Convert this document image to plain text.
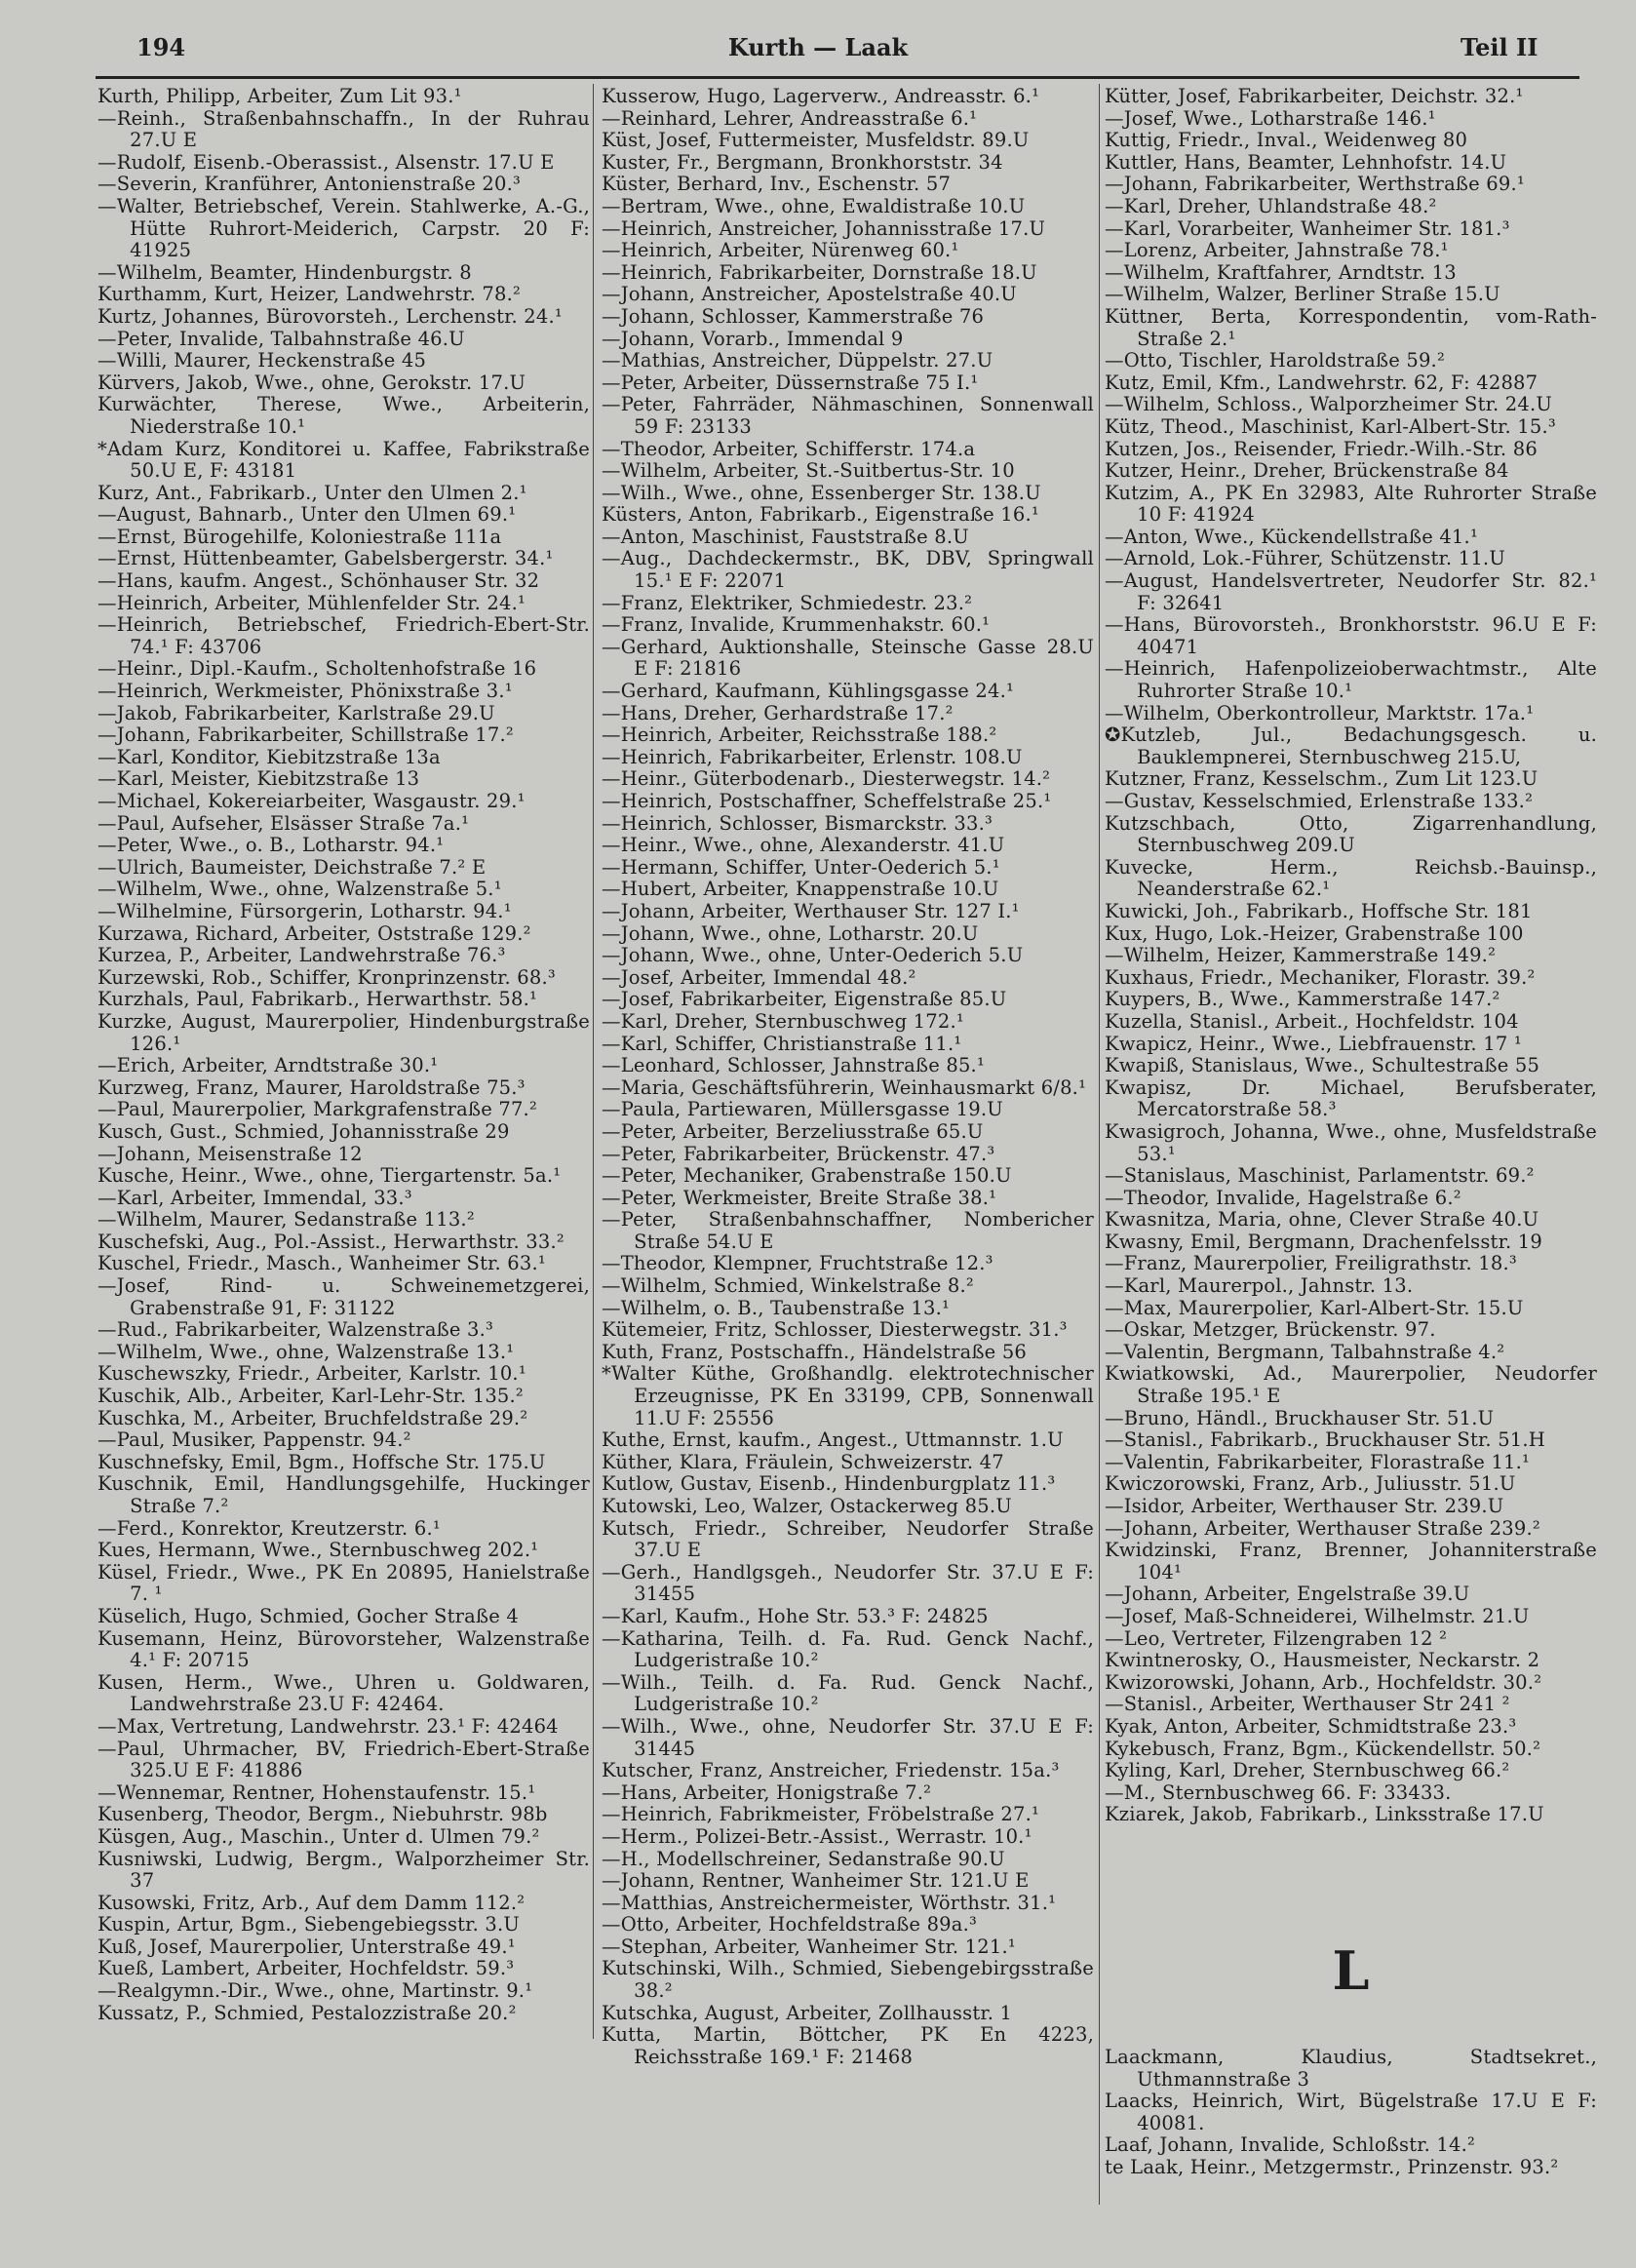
194	Kurth — Laak	Teil II
Kurth, Philipp, Arbeiter, Zum Lit 93.¹
—Reinh., Straßenbahnschaffn., In der Ruhrau 27.U E
—Rudolf, Eisenb.-Oberassist., Alsenstr. 17.U E
—Severin, Kranführer, Antonienstraße 20.³
—Walter, Betriebschef, Verein. Stahlwerke, A.-G., Hütte Ruhrort-Meiderich, Carpstr. 20 F: 41925
—Wilhelm, Beamter, Hindenburgstr. 8
Kurthamm, Kurt, Heizer, Landwehrstr. 78.²
Kurtz, Johannes, Bürovorsteh., Lerchenstr. 24.¹
—Peter, Invalide, Talbahnstraße 46.U
—Willi, Maurer, Heckenstraße 45
Kürvers, Jakob, Wwe., ohne, Gerokstr. 17.U
Kurwächter, Therese, Wwe., Arbeiterin, Niederstraße 10.¹
*Adam Kurz, Konditorei u. Kaffee, Fabrikstraße 50.U E, F: 43181
Kurz, Ant., Fabrikarb., Unter den Ulmen 2.¹
—August, Bahnarb., Unter den Ulmen 69.¹
—Ernst, Bürogehilfe, Koloniestraße 111a
—Ernst, Hüttenbeamter, Gabelsbergerstr. 34.¹
—Hans, kaufm. Angest., Schönhauser Str. 32
—Heinrich, Arbeiter, Mühlenfelder Str. 24.¹
—Heinrich, Betriebschef, Friedrich-Ebert-Str. 74.¹ F: 43706
—Heinr., Dipl.-Kaufm., Scholtenhofstraße 16
—Heinrich, Werkmeister, Phönixstraße 3.¹
—Jakob, Fabrikarbeiter, Karlstraße 29.U
—Johann, Fabrikarbeiter, Schillstraße 17.²
—Karl, Konditor, Kiebitzstraße 13a
—Karl, Meister, Kiebitzstraße 13
—Michael, Kokereiarbeiter, Wasgaustr. 29.¹
—Paul, Aufseher, Elsässer Straße 7a.¹
—Peter, Wwe., o. B., Lotharstr. 94.¹
—Ulrich, Baumeister, Deichstraße 7.² E
—Wilhelm, Wwe., ohne, Walzenstraße 5.¹
—Wilhelmine, Fürsorgerin, Lotharstr. 94.¹
Kurzawa, Richard, Arbeiter, Oststraße 129.²
Kurzea, P., Arbeiter, Landwehrstraße 76.³
Kurzewski, Rob., Schiffer, Kronprinzenstr. 68.³
Kurzhals, Paul, Fabrikarb., Herwarthstr. 58.¹
Kurzke, August, Maurerpolier, Hindenburgstraße 126.¹
—Erich, Arbeiter, Arndtstraße 30.¹
Kurzweg, Franz, Maurer, Haroldstraße 75.³
—Paul, Maurerpolier, Markgrafenstraße 77.²
Kusch, Gust., Schmied, Johannisstraße 29
—Johann, Meisenstraße 12
Kusche, Heinr., Wwe., ohne, Tiergartenstr. 5a.¹
—Karl, Arbeiter, Immendal, 33.³
—Wilhelm, Maurer, Sedanstraße 113.²
Kuschefski, Aug., Pol.-Assist., Herwarthstr. 33.²
Kuschel, Friedr., Masch., Wanheimer Str. 63.¹
—Josef, Rind- u. Schweinemetzgerei, Grabenstraße 91, F: 31122
—Rud., Fabrikarbeiter, Walzenstraße 3.³
—Wilhelm, Wwe., ohne, Walzenstraße 13.¹
Kuschewszky, Friedr., Arbeiter, Karlstr. 10.¹
Kuschik, Alb., Arbeiter, Karl-Lehr-Str. 135.²
Kuschka, M., Arbeiter, Bruchfeldstraße 29.²
—Paul, Musiker, Pappenstr. 94.²
Kuschnefsky, Emil, Bgm., Hoffsche Str. 175.U
Kuschnik, Emil, Handlungsgehilfe, Huckinger Straße 7.²
—Ferd., Konrektor, Kreutzerstr. 6.¹
Kues, Hermann, Wwe., Sternbuschweg 202.¹
Küsel, Friedr., Wwe., PK En 20895, Hanielstraße 7. ¹
Küselich, Hugo, Schmied, Gocher Straße 4
Kusemann, Heinz, Bürovorsteher, Walzenstraße 4.¹ F: 20715
Kusen, Herm., Wwe., Uhren u. Goldwaren, Landwehrstraße 23.U F: 42464.
—Max, Vertretung, Landwehrstr. 23.¹ F: 42464
—Paul, Uhrmacher, BV, Friedrich-Ebert-Straße 325.U E F: 41886
—Wennemar, Rentner, Hohenstaufenstr. 15.¹
Kusenberg, Theodor, Bergm., Niebuhrstr. 98b
Küsgen, Aug., Maschin., Unter d. Ulmen 79.²
Kusniwski, Ludwig, Bergm., Walporzheimer Str. 37
Kusowski, Fritz, Arb., Auf dem Damm 112.²
Kuspin, Artur, Bgm., Siebengebiegsstr. 3.U
Kuß, Josef, Maurerpolier, Unterstraße 49.¹
Kueß, Lambert, Arbeiter, Hochfeldstr. 59.³
—Realgymn.-Dir., Wwe., ohne, Martinstr. 9.¹
Kussatz, P., Schmied, Pestalozzistraße 20.²
Kusserow, Hugo, Lagerverw., Andreasstr. 6.¹
—Reinhard, Lehrer, Andreasstraße 6.¹
Küst, Josef, Futtermeister, Musfeldstr. 89.U
Kuster, Fr., Bergmann, Bronkhorststr. 34
Küster, Berhard, Inv., Eschenstr. 57
—Bertram, Wwe., ohne, Ewaldistraße 10.U
—Heinrich, Anstreicher, Johannisstraße 17.U
—Heinrich, Arbeiter, Nürenweg 60.¹
—Heinrich, Fabrikarbeiter, Dornstraße 18.U
—Johann, Anstreicher, Apostelstraße 40.U
—Johann, Schlosser, Kammerstraße 76
—Johann, Vorarb., Immendal 9
—Mathias, Anstreicher, Düppelstr. 27.U
—Peter, Arbeiter, Düssernstraße 75 I.¹
—Peter, Fahrräder, Nähmaschinen, Sonnenwall 59 F: 23133
—Theodor, Arbeiter, Schifferstr. 174.a
—Wilhelm, Arbeiter, St.-Suitbertus-Str. 10
—Wilh., Wwe., ohne, Essenberger Str. 138.U
Küsters, Anton, Fabrikarb., Eigenstraße 16.¹
—Anton, Maschinist, Fauststraße 8.U
—Aug., Dachdeckermstr., BK, DBV, Springwall 15.¹ E F: 22071
—Franz, Elektriker, Schmiedestr. 23.²
—Franz, Invalide, Krummenhakstr. 60.¹
—Gerhard, Auktionshalle, Steinsche Gasse 28.U E F: 21816
—Gerhard, Kaufmann, Kühlingsgasse 24.¹
—Hans, Dreher, Gerhardstraße 17.²
—Heinrich, Arbeiter, Reichsstraße 188.²
—Heinrich, Fabrikarbeiter, Erlenstr. 108.U
—Heinr., Güterbodenarb., Diesterwegstr. 14.²
—Heinrich, Postschaffner, Scheffelstraße 25.¹
—Heinrich, Schlosser, Bismarckstr. 33.³
—Heinr., Wwe., ohne, Alexanderstr. 41.U
—Hermann, Schiffer, Unter-Oederich 5.¹
—Hubert, Arbeiter, Knappenstraße 10.U
—Johann, Arbeiter, Werthauser Str. 127 I.¹
—Johann, Wwe., ohne, Lotharstr. 20.U
—Johann, Wwe., ohne, Unter-Oederich 5.U
—Josef, Arbeiter, Immendal 48.²
—Josef, Fabrikarbeiter, Eigenstraße 85.U
—Karl, Dreher, Sternbuschweg 172.¹
—Karl, Schiffer, Christianstraße 11.¹
—Leonhard, Schlosser, Jahnstraße 85.¹
—Maria, Geschäftsführerin, Weinhausmarkt 6/8.¹
—Paula, Partiewaren, Müllersgasse 19.U
—Peter, Arbeiter, Berzeliusstraße 65.U
—Peter, Fabrikarbeiter, Brückenstr. 47.³
—Peter, Mechaniker, Grabenstraße 150.U
—Peter, Werkmeister, Breite Straße 38.¹
—Peter, Straßenbahnschaffner, Nombericher Straße 54.U E
—Theodor, Klempner, Fruchtstraße 12.³
—Wilhelm, Schmied, Winkelstraße 8.²
—Wilhelm, o. B., Taubenstraße 13.¹
Kütemeier, Fritz, Schlosser, Diesterwegstr. 31.³
Kuth, Franz, Postschaffn., Händelstraße 56
*Walter Küthe, Großhandlg. elektrotechnischer Erzeugnisse, PK En 33199, CPB, Sonnenwall 11.U F: 25556
Kuthe, Ernst, kaufm., Angest., Uttmannstr. 1.U
Küther, Klara, Fräulein, Schweizerstr. 47
Kutlow, Gustav, Eisenb., Hindenburgplatz 11.³
Kutowski, Leo, Walzer, Ostackerweg 85.U
Kutsch, Friedr., Schreiber, Neudorfer Straße 37.U E
—Gerh., Handlgsgeh., Neudorfer Str. 37.U E F: 31455
—Karl, Kaufm., Hohe Str. 53.³ F: 24825
—Katharina, Teilh. d. Fa. Rud. Genck Nachf., Ludgeristraße 10.²
—Wilh., Teilh. d. Fa. Rud. Genck Nachf., Ludgeristraße 10.²
—Wilh., Wwe., ohne, Neudorfer Str. 37.U E F: 31445
Kutscher, Franz, Anstreicher, Friedenstr. 15a.³
—Hans, Arbeiter, Honigstraße 7.²
—Heinrich, Fabrikmeister, Fröbelstraße 27.¹
—Herm., Polizei-Betr.-Assist., Werrastr. 10.¹
—H., Modellschreiner, Sedanstraße 90.U
—Johann, Rentner, Wanheimer Str. 121.U E
—Matthias, Anstreichermeister, Wörthstr. 31.¹
—Otto, Arbeiter, Hochfeldstraße 89a.³
—Stephan, Arbeiter, Wanheimer Str. 121.¹
Kutschinski, Wilh., Schmied, Siebengebirgsstraße 38.²
Kutschka, August, Arbeiter, Zollhausstr. 1
Kutta, Martin, Böttcher, PK En 4223, Reichsstraße 169.¹ F: 21468
Kütter, Josef, Fabrikarbeiter, Deichstr. 32.¹
—Josef, Wwe., Lotharstraße 146.¹
Kuttig, Friedr., Inval., Weidenweg 80
Kuttler, Hans, Beamter, Lehnhofstr. 14.U
—Johann, Fabrikarbeiter, Werthstraße 69.¹
—Karl, Dreher, Uhlandstraße 48.²
—Karl, Vorarbeiter, Wanheimer Str. 181.³
—Lorenz, Arbeiter, Jahnstraße 78.¹
—Wilhelm, Kraftfahrer, Arndtstr. 13
—Wilhelm, Walzer, Berliner Straße 15.U
Küttner, Berta, Korrespondentin, vom-Rath-Straße 2.¹
—Otto, Tischler, Haroldstraße 59.²
Kutz, Emil, Kfm., Landwehrstr. 62, F: 42887
—Wilhelm, Schloss., Walporzheimer Str. 24.U
Kütz, Theod., Maschinist, Karl-Albert-Str. 15.³
Kutzen, Jos., Reisender, Friedr.-Wilh.-Str. 86
Kutzer, Heinr., Dreher, Brückenstraße 84
Kutzim, A., PK En 32983, Alte Ruhrorter Straße 10 F: 41924
—Anton, Wwe., Kückendellstraße 41.¹
—Arnold, Lok.-Führer, Schützenstr. 11.U
—August, Handelsvertreter, Neudorfer Str. 82.¹ F: 32641
—Hans, Bürovorsteh., Bronkhorststr. 96.U E F: 40471
—Heinrich, Hafenpolizeioberwachtmstr., Alte Ruhrorter Straße 10.¹
—Wilhelm, Oberkontrolleur, Marktstr. 17a.¹
✪Kutzleb, Jul., Bedachungsgesch. u. Bauklempnerei, Sternbuschweg 215.U,
Kutzner, Franz, Kesselschm., Zum Lit 123.U
—Gustav, Kesselschmied, Erlenstraße 133.²
Kutzschbach, Otto, Zigarrenhandlung, Sternbuschweg 209.U
Kuvecke, Herm., Reichsb.-Bauinsp., Neanderstraße 62.¹
Kuwicki, Joh., Fabrikarb., Hoffsche Str. 181
Kux, Hugo, Lok.-Heizer, Grabenstraße 100
—Wilhelm, Heizer, Kammerstraße 149.²
Kuxhaus, Friedr., Mechaniker, Florastr. 39.²
Kuypers, B., Wwe., Kammerstraße 147.²
Kuzella, Stanisl., Arbeit., Hochfeldstr. 104
Kwapicz, Heinr., Wwe., Liebfrauenstr. 17 ¹
Kwapiß, Stanislaus, Wwe., Schultestraße 55
Kwapisz, Dr. Michael, Berufsberater, Mercatorstraße 58.³
Kwasigroch, Johanna, Wwe., ohne, Musfeldstraße 53.¹
—Stanislaus, Maschinist, Parlamentstr. 69.²
—Theodor, Invalide, Hagelstraße 6.²
Kwasnitza, Maria, ohne, Clever Straße 40.U
Kwasny, Emil, Bergmann, Drachenfelsstr. 19
—Franz, Maurerpolier, Freiligrathstr. 18.³
—Karl, Maurerpol., Jahnstr. 13.
—Max, Maurerpolier, Karl-Albert-Str. 15.U
—Oskar, Metzger, Brückenstr. 97.
—Valentin, Bergmann, Talbahnstraße 4.²
Kwiatkowski, Ad., Maurerpolier, Neudorfer Straße 195.¹ E
—Bruno, Händl., Bruckhauser Str. 51.U
—Stanisl., Fabrikarb., Bruckhauser Str. 51.H
—Valentin, Fabrikarbeiter, Florastraße 11.¹
Kwiczorowski, Franz, Arb., Juliusstr. 51.U
—Isidor, Arbeiter, Werthauser Str. 239.U
—Johann, Arbeiter, Werthauser Straße 239.²
Kwidzinski, Franz, Brenner, Johanniterstraße 104¹
—Johann, Arbeiter, Engelstraße 39.U
—Josef, Maß-Schneiderei, Wilhelmstr. 21.U
—Leo, Vertreter, Filzengraben 12 ²
Kwintnerosky, O., Hausmeister, Neckarstr. 2
Kwizorowski, Johann, Arb., Hochfeldstr. 30.²
—Stanisl., Arbeiter, Werthauser Str 241 ²
Kyak, Anton, Arbeiter, Schmidtstraße 23.³
Kykebusch, Franz, Bgm., Kückendellstr. 50.²
Kyling, Karl, Dreher, Sternbuschweg 66.²
—M., Sternbuschweg 66. F: 33433.
Kziarek, Jakob, Fabrikarb., Linksstraße 17.U
L
Laackmann, Klaudius, Stadtsekret., Uthmannstraße 3
Laacks, Heinrich, Wirt, Bügelstraße 17.U E F: 40081.
Laaf, Johann, Invalide, Schloßstr. 14.²
te Laak, Heinr., Metzgermstr., Prinzenstr. 93.²
